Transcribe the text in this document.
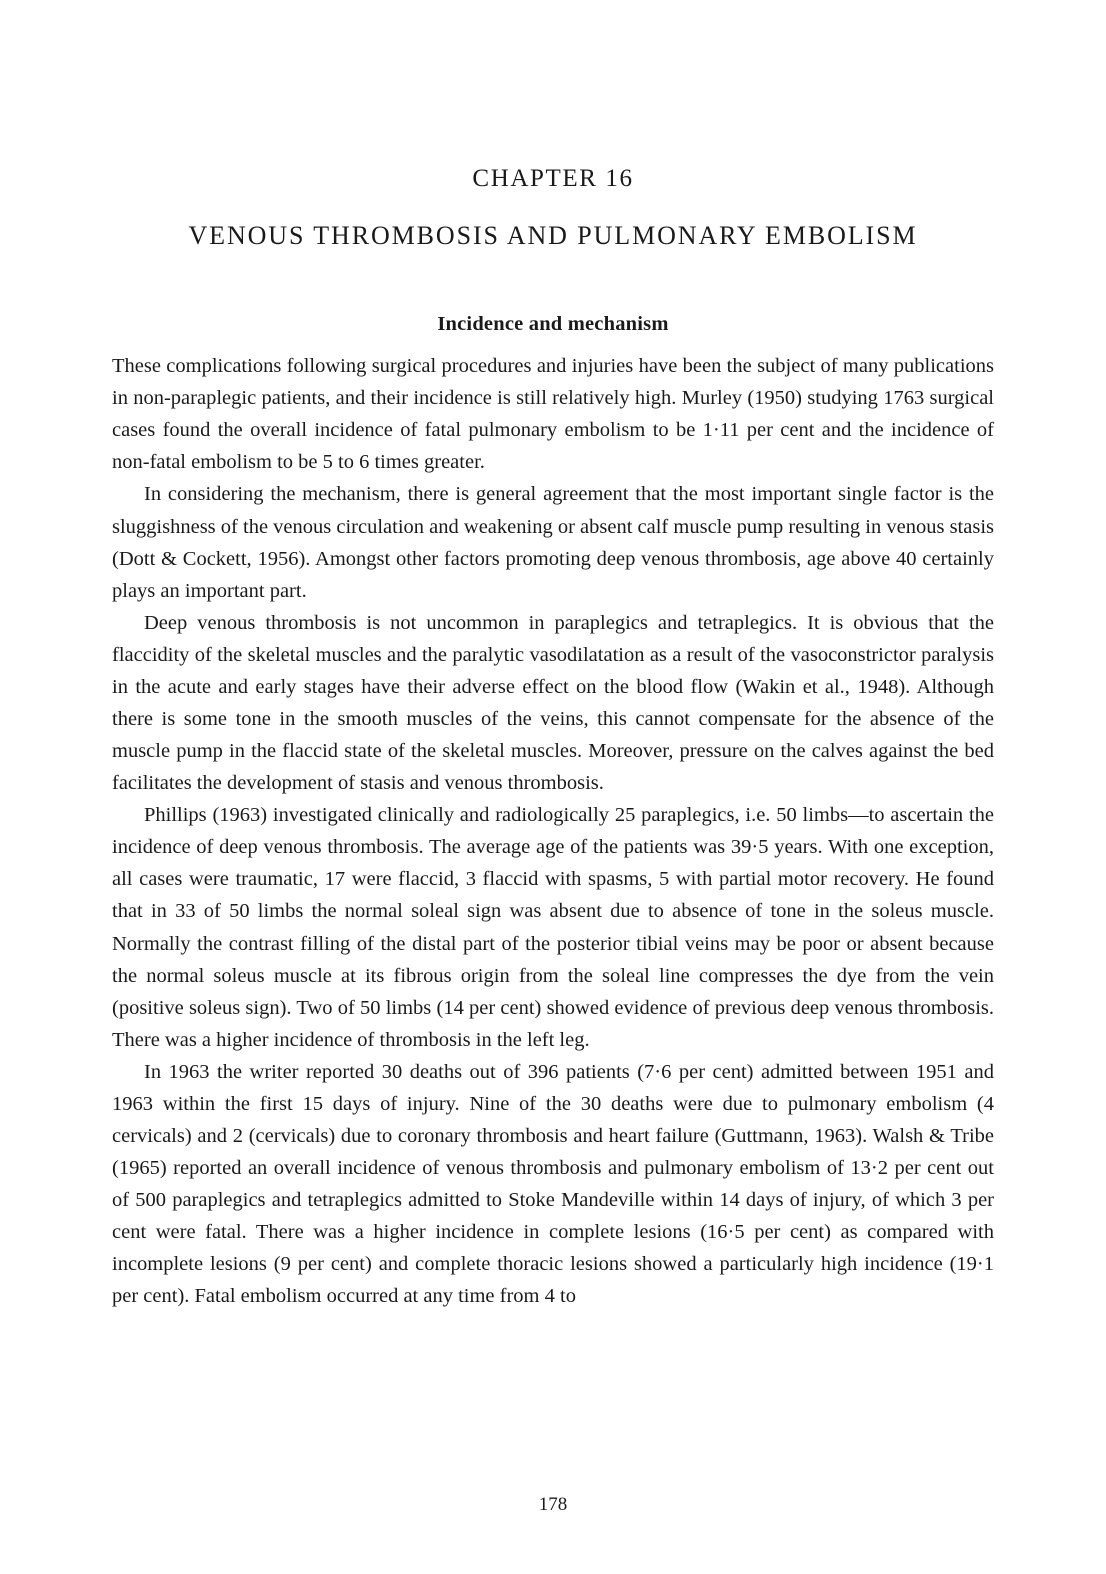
CHAPTER 16
VENOUS THROMBOSIS AND PULMONARY EMBOLISM
Incidence and mechanism

These complications following surgical procedures and injuries have been the subject of many publications in non-paraplegic patients, and their incidence is still relatively high. Murley (1950) studying 1763 surgical cases found the overall incidence of fatal pulmonary embolism to be 1·11 per cent and the incidence of non-fatal embolism to be 5 to 6 times greater.

In considering the mechanism, there is general agreement that the most important single factor is the sluggishness of the venous circulation and weakening or absent calf muscle pump resulting in venous stasis (Dott & Cockett, 1956). Amongst other factors promoting deep venous thrombosis, age above 40 certainly plays an important part.

Deep venous thrombosis is not uncommon in paraplegics and tetraplegics. It is obvious that the flaccidity of the skeletal muscles and the paralytic vasodilatation as a result of the vasoconstrictor paralysis in the acute and early stages have their adverse effect on the blood flow (Wakin et al., 1948). Although there is some tone in the smooth muscles of the veins, this cannot compensate for the absence of the muscle pump in the flaccid state of the skeletal muscles. Moreover, pressure on the calves against the bed facilitates the development of stasis and venous thrombosis.

Phillips (1963) investigated clinically and radiologically 25 paraplegics, i.e. 50 limbs—to ascertain the incidence of deep venous thrombosis. The average age of the patients was 39·5 years. With one exception, all cases were traumatic, 17 were flaccid, 3 flaccid with spasms, 5 with partial motor recovery. He found that in 33 of 50 limbs the normal soleal sign was absent due to absence of tone in the soleus muscle. Normally the contrast filling of the distal part of the posterior tibial veins may be poor or absent because the normal soleus muscle at its fibrous origin from the soleal line compresses the dye from the vein (positive soleus sign). Two of 50 limbs (14 per cent) showed evidence of previous deep venous thrombosis. There was a higher incidence of thrombosis in the left leg.

In 1963 the writer reported 30 deaths out of 396 patients (7·6 per cent) admitted between 1951 and 1963 within the first 15 days of injury. Nine of the 30 deaths were due to pulmonary embolism (4 cervicals) and 2 (cervicals) due to coronary thrombosis and heart failure (Guttmann, 1963). Walsh & Tribe (1965) reported an overall incidence of venous thrombosis and pulmonary embolism of 13·2 per cent out of 500 paraplegics and tetraplegics admitted to Stoke Mandeville within 14 days of injury, of which 3 per cent were fatal. There was a higher incidence in complete lesions (16·5 per cent) as compared with incomplete lesions (9 per cent) and complete thoracic lesions showed a particularly high incidence (19·1 per cent). Fatal embolism occurred at any time from 4 to

178
